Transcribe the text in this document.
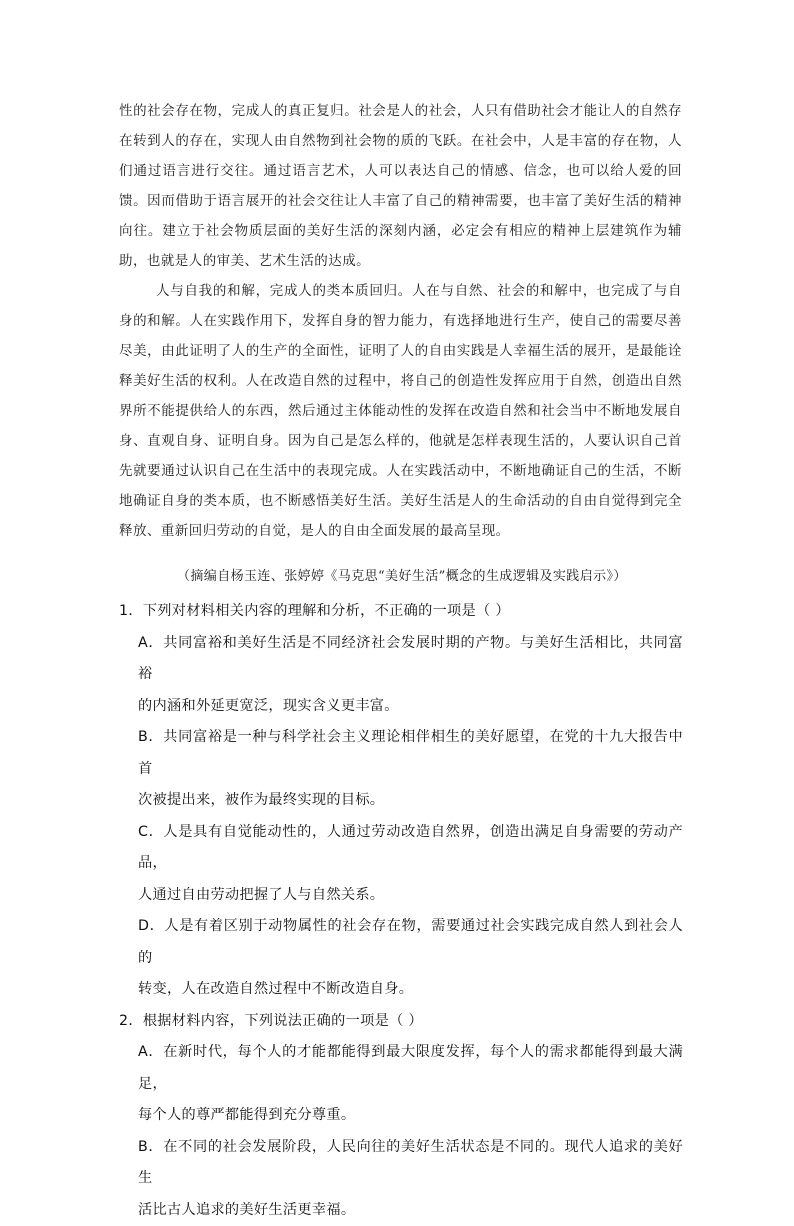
性的社会存在物，完成人的真正复归。社会是人的社会，人只有借助社会才能让人的自然存在转到人的存在，实现人由自然物到社会物的质的飞跃。在社会中，人是丰富的存在物，人们通过语言进行交往。通过语言艺术，人可以表达自己的情感、信念，也可以给人爱的回馈。因而借助于语言展开的社会交往让人丰富了自己的精神需要，也丰富了美好生活的精神向往。建立于社会物质层面的美好生活的深刻内涵，必定会有相应的精神上层建筑作为辅助，也就是人的审美、艺术生活的达成。

人与自我的和解，完成人的类本质回归。人在与自然、社会的和解中，也完成了与自身的和解。人在实践作用下，发挥自身的智力能力，有选择地进行生产，使自己的需要尽善尽美，由此证明了人的生产的全面性，证明了人的自由实践是人幸福生活的展开，是最能诠释美好生活的权利。人在改造自然的过程中，将自己的创造性发挥应用于自然，创造出自然界所不能提供给人的东西，然后通过主体能动性的发挥在改造自然和社会当中不断地发展自身、直观自身、证明自身。因为自己是怎么样的，他就是怎样表现生活的，人要认识自己首先就要通过认识自己在生活中的表现完成。人在实践活动中，不断地确证自己的生活，不断地确证自身的类本质，也不断感悟美好生活。美好生活是人的生命活动的自由自觉得到完全释放、重新回归劳动的自觉，是人的自由全面发展的最高呈现。

（摘编自杨玉连、张婷婷《马克思“美好生活”概念的生成逻辑及实践启示》）

1．下列对材料相关内容的理解和分析，不正确的一项是（ ）

A．共同富裕和美好生活是不同经济社会发展时期的产物。与美好生活相比，共同富裕
的内涵和外延更宽泛，现实含义更丰富。

B．共同富裕是一种与科学社会主义理论相伴相生的美好愿望，在党的十九大报告中首
次被提出来，被作为最终实现的目标。

C．人是具有自觉能动性的，人通过劳动改造自然界，创造出满足自身需要的劳动产品，
人通过自由劳动把握了人与自然关系。

D．人是有着区别于动物属性的社会存在物，需要通过社会实践完成自然人到社会人的
转变，人在改造自然过程中不断改造自身。

2．根据材料内容，下列说法正确的一项是（ ）

A．在新时代，每个人的才能都能得到最大限度发挥，每个人的需求都能得到最大满足，
每个人的尊严都能得到充分尊重。

B．在不同的社会发展阶段，人民向往的美好生活状态是不同的。现代人追求的美好生
活比古人追求的美好生活更幸福。
